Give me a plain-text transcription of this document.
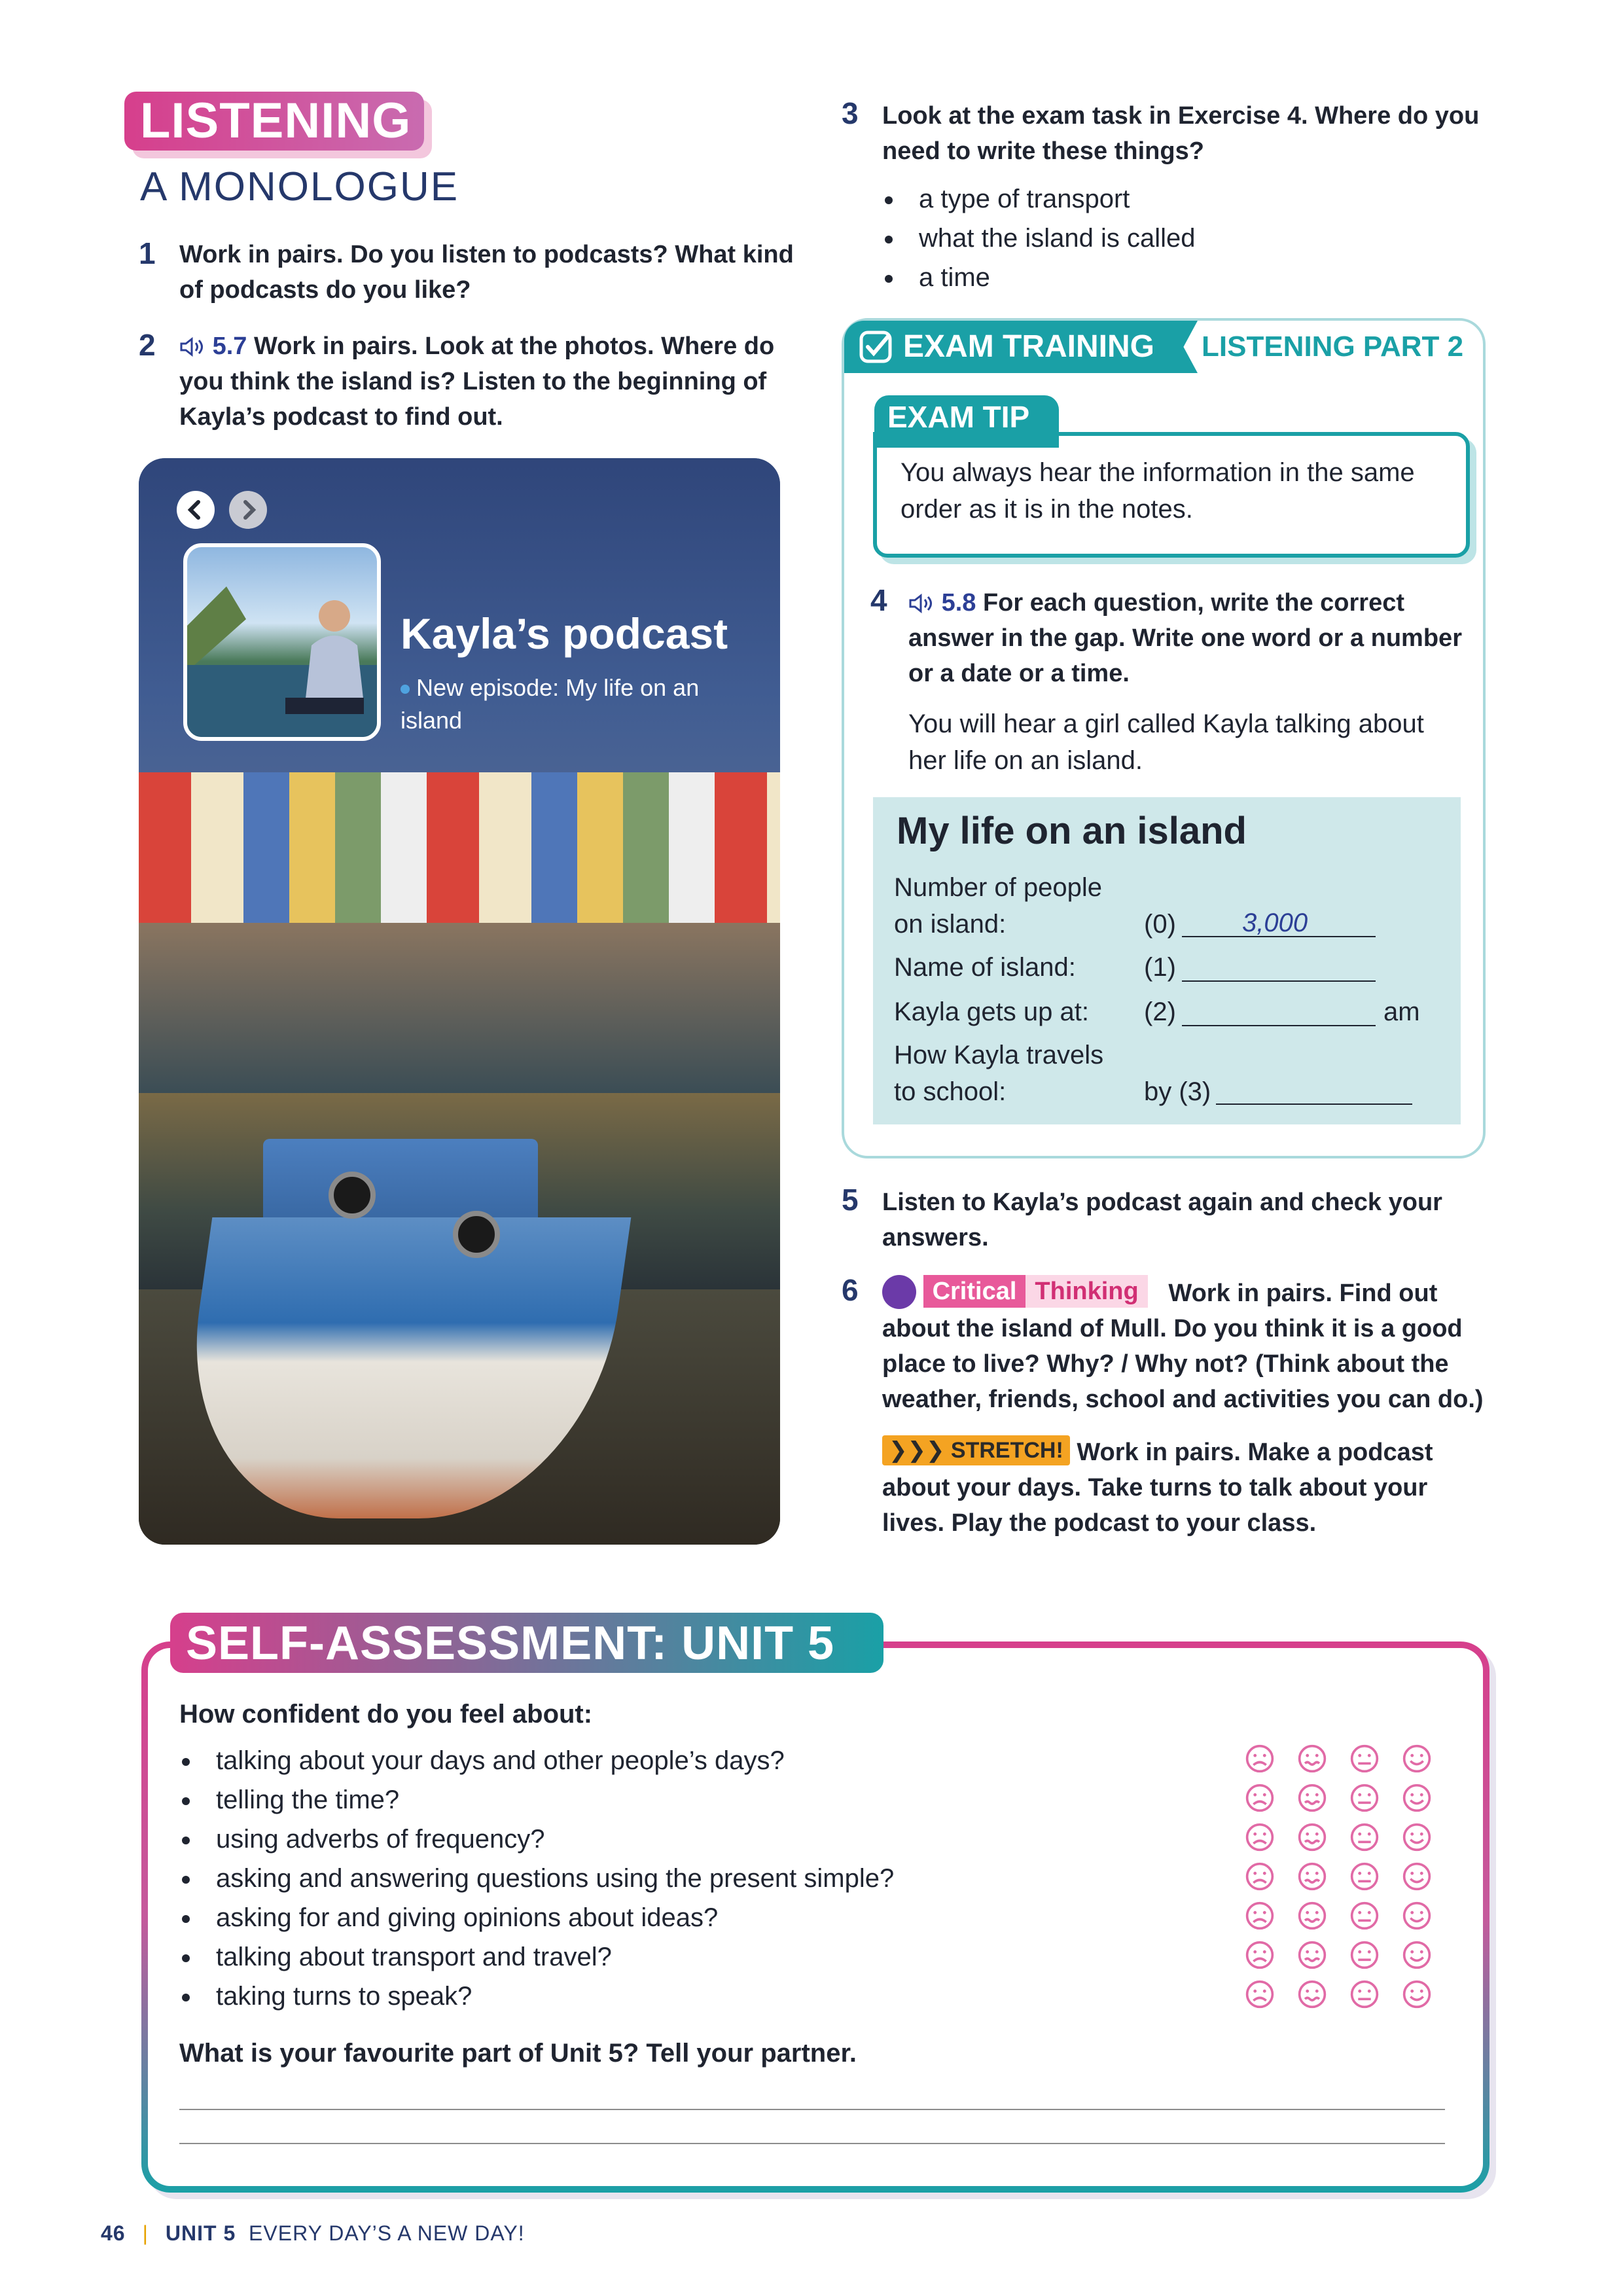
LISTENING
A MONOLOGUE
1 Work in pairs. Do you listen to podcasts? What kind of podcasts do you like?
2	5.7 Work in pairs. Look at the photos. Where do you think the island is? Listen to the beginning of Kayla’s podcast to find out.
Kayla’s podcast
New episode: My life on an island
3 Look at the exam task in Exercise 4. Where do you need to write these things?
a type of transport
what the island is called
a time
EXAM TRAINING LISTENING PART 2
EXAM TIP
You always hear the information in the same order as it is in the notes.
4	5.8 For each question, write the correct answer in the gap. Write one word or a number or a date or a time.
You will hear a girl called Kayla talking about her life on an island.
My life on an island
Number of people
on island:	(0)	3,000
Name of island:	(1)
Kayla gets up at: (2)	am
How Kayla travels
to school:	by (3)
5 Listen to Kayla’s podcast again and check your answers.
6	Critical Thinking Work in pairs. Find out about the island of Mull. Do you think it is a good place to live? Why? / Why not? (Think about the weather, friends, school and activities you can do.)
❯❯❯ STRETCH! Work in pairs. Make a podcast about your days. Take turns to talk about your lives. Play the podcast to your class.
SELF-ASSESSMENT: UNIT 5
How confident do you feel about:
talking about your days and other people’s days?
telling the time?
using adverbs of frequency?
asking and answering questions using the present simple?
asking for and giving opinions about ideas?
talking about transport and travel?
taking turns to speak?
What is your favourite part of Unit 5? Tell your partner.
46 | UNIT 5 EVERY DAY’S A NEW DAY!
